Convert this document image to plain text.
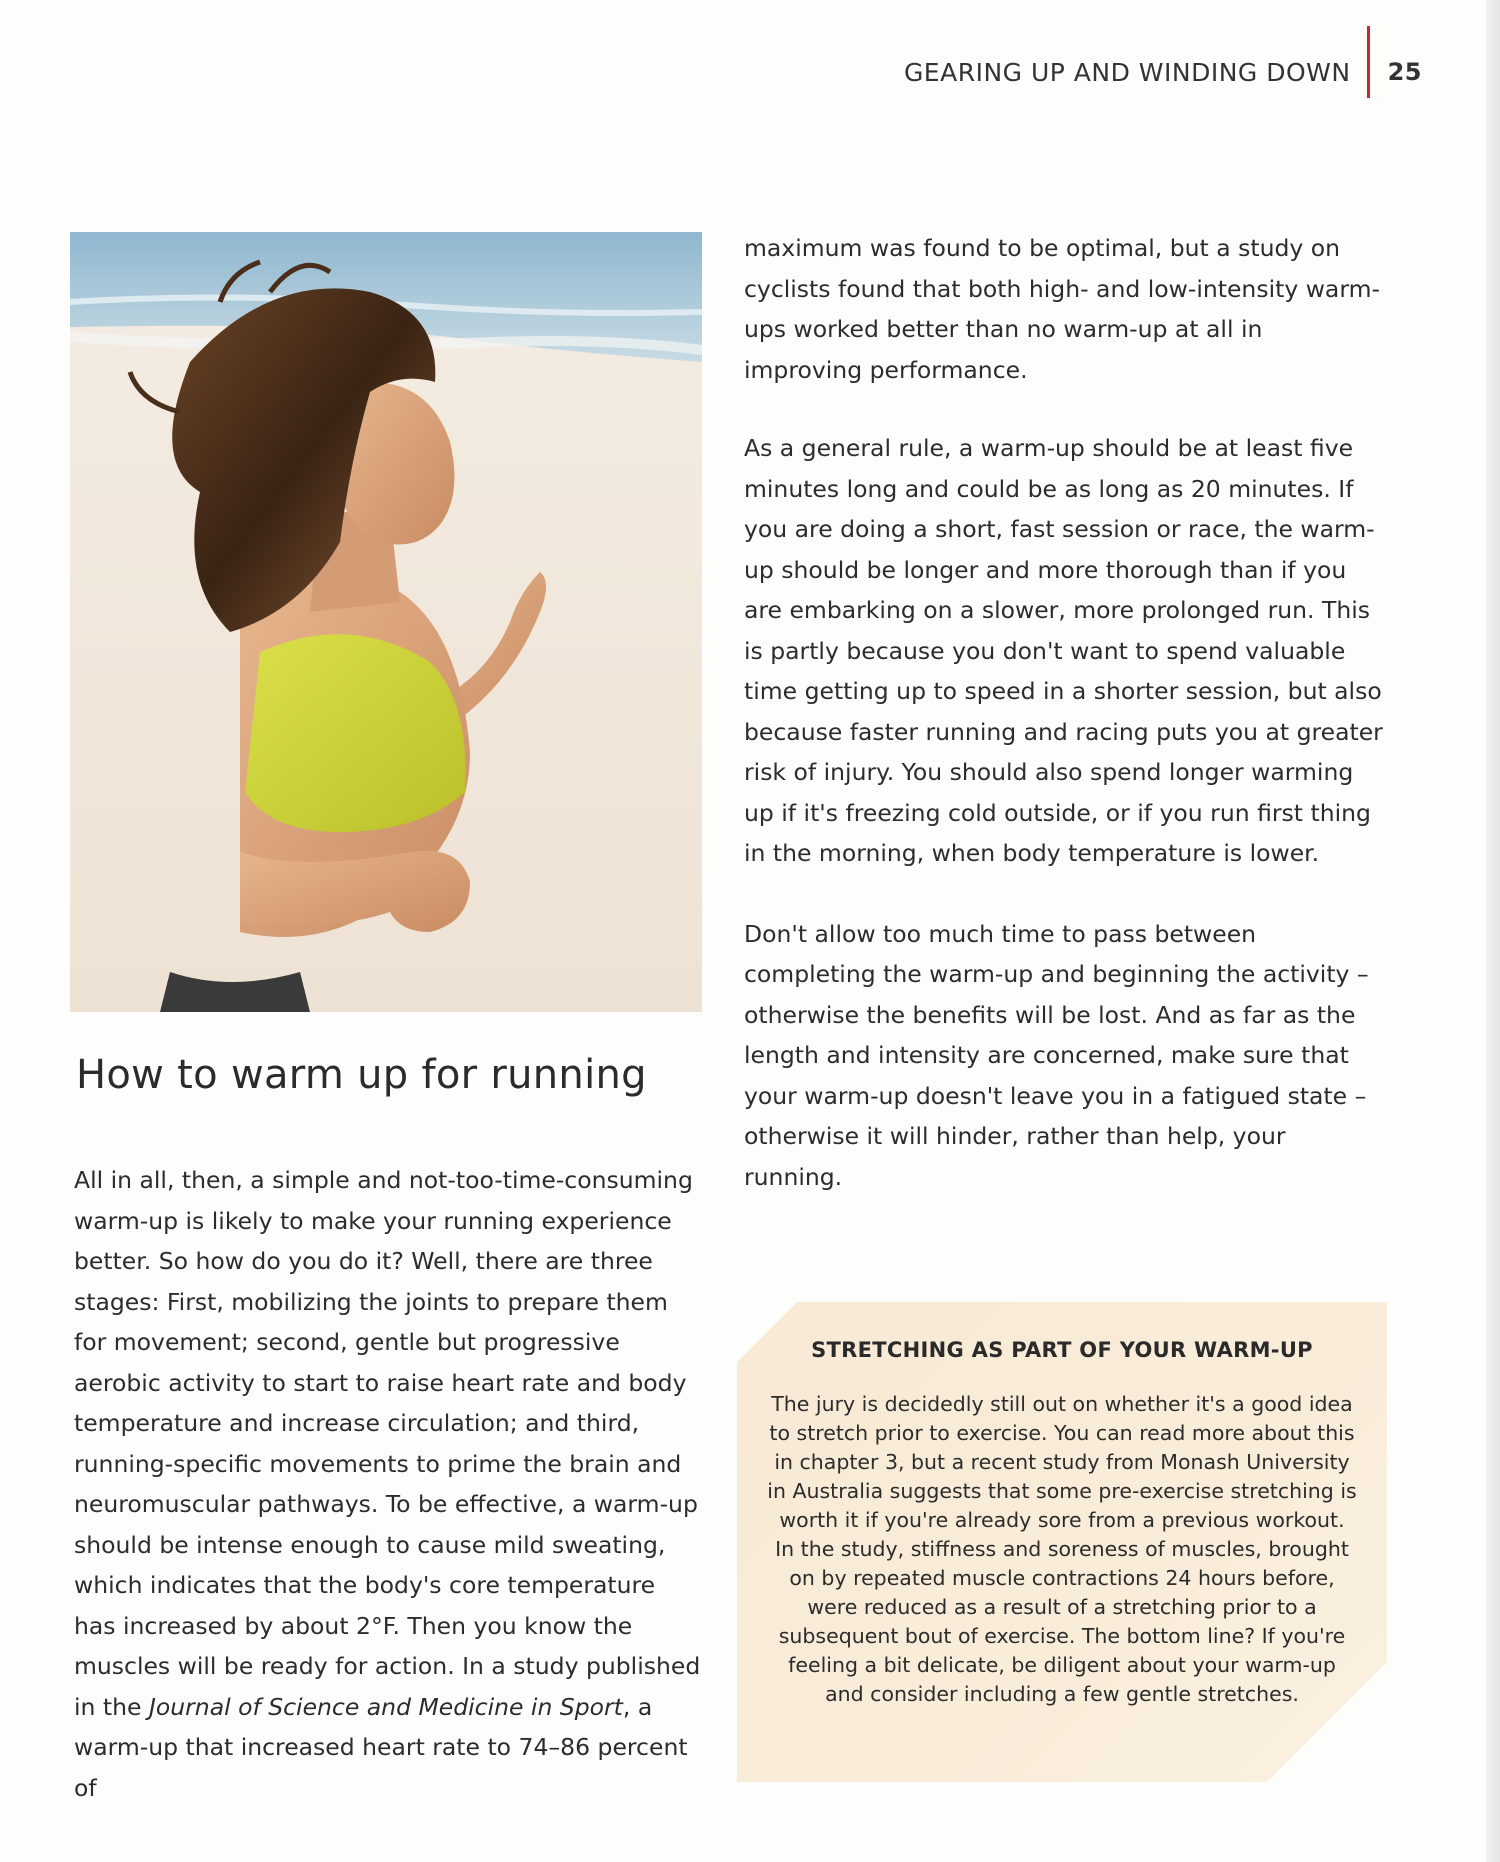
GEARING UP AND WINDING DOWN 25
How to warm up for running

All in all, then, a simple and not-too-time-consuming warm-up is likely to make your running experience better. So how do you do it? Well, there are three stages: First, mobilizing the joints to prepare them for movement; second, gentle but progressive aerobic activity to start to raise heart rate and body temperature and increase circulation; and third, running-specific movements to prime the brain and neuromuscular pathways. To be effective, a warm-up should be intense enough to cause mild sweating, which indicates that the body's core temperature has increased by about 2°F. Then you know the muscles will be ready for action. In a study published in the Journal of Science and Medicine in Sport, a warm-up that increased heart rate to 74–86 percent of

maximum was found to be optimal, but a study on cyclists found that both high- and low-intensity warm-ups worked better than no warm-up at all in improving performance.

As a general rule, a warm-up should be at least five minutes long and could be as long as 20 minutes. If you are doing a short, fast session or race, the warm-up should be longer and more thorough than if you are embarking on a slower, more prolonged run. This is partly because you don't want to spend valuable time getting up to speed in a shorter session, but also because faster running and racing puts you at greater risk of injury. You should also spend longer warming up if it's freezing cold outside, or if you run first thing in the morning, when body temperature is lower.

Don't allow too much time to pass between completing the warm-up and beginning the activity – otherwise the benefits will be lost. And as far as the length and intensity are concerned, make sure that your warm-up doesn't leave you in a fatigued state – otherwise it will hinder, rather than help, your running.

STRETCHING AS PART OF YOUR WARM-UP

The jury is decidedly still out on whether it's a good idea to stretch prior to exercise. You can read more about this in chapter 3, but a recent study from Monash University in Australia suggests that some pre-exercise stretching is worth it if you're already sore from a previous workout. In the study, stiffness and soreness of muscles, brought on by repeated muscle contractions 24 hours before, were reduced as a result of a stretching prior to a subsequent bout of exercise. The bottom line? If you're feeling a bit delicate, be diligent about your warm-up and consider including a few gentle stretches.
